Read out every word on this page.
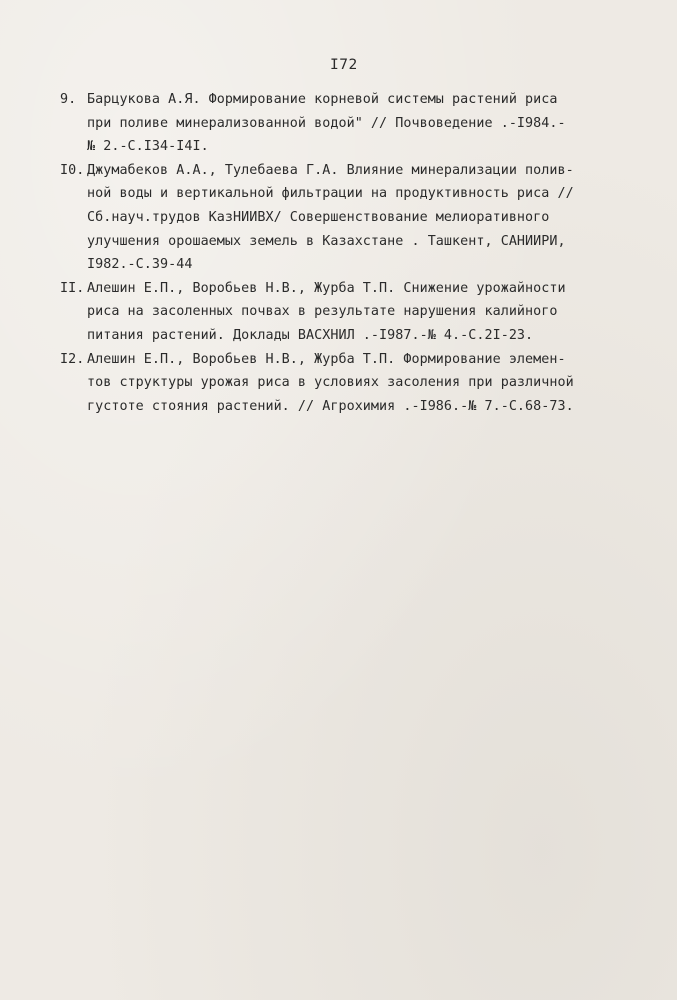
I72
9. Барцукова А.Я. Формирование корневой системы растений риса
при поливе минерализованной водой" // Почвоведение .-I984.-
№ 2.-С.I34-I4I.
I0. Джумабеков А.А., Тулебаева Г.А. Влияние минерализации полив-
ной воды и вертикальной фильтрации на продуктивность риса //
Сб.науч.трудов КазНИИВХ/ Совершенствование мелиоративного
улучшения орошаемых земель в Казахстане . Ташкент, САНИИРИ,
I982.-С.39-44
II. Алешин Е.П., Воробьев Н.В., Журба Т.П. Снижение урожайности
риса на засоленных почвах в результате нарушения калийного
питания растений. Доклады ВАСХНИЛ .-I987.-№ 4.-С.2I-23.
I2. Алешин Е.П., Воробьев Н.В., Журба Т.П. Формирование элемен-
тов структуры урожая риса в условиях засоления при различной
густоте стояния растений. // Агрохимия .-I986.-№ 7.-С.68-73.
